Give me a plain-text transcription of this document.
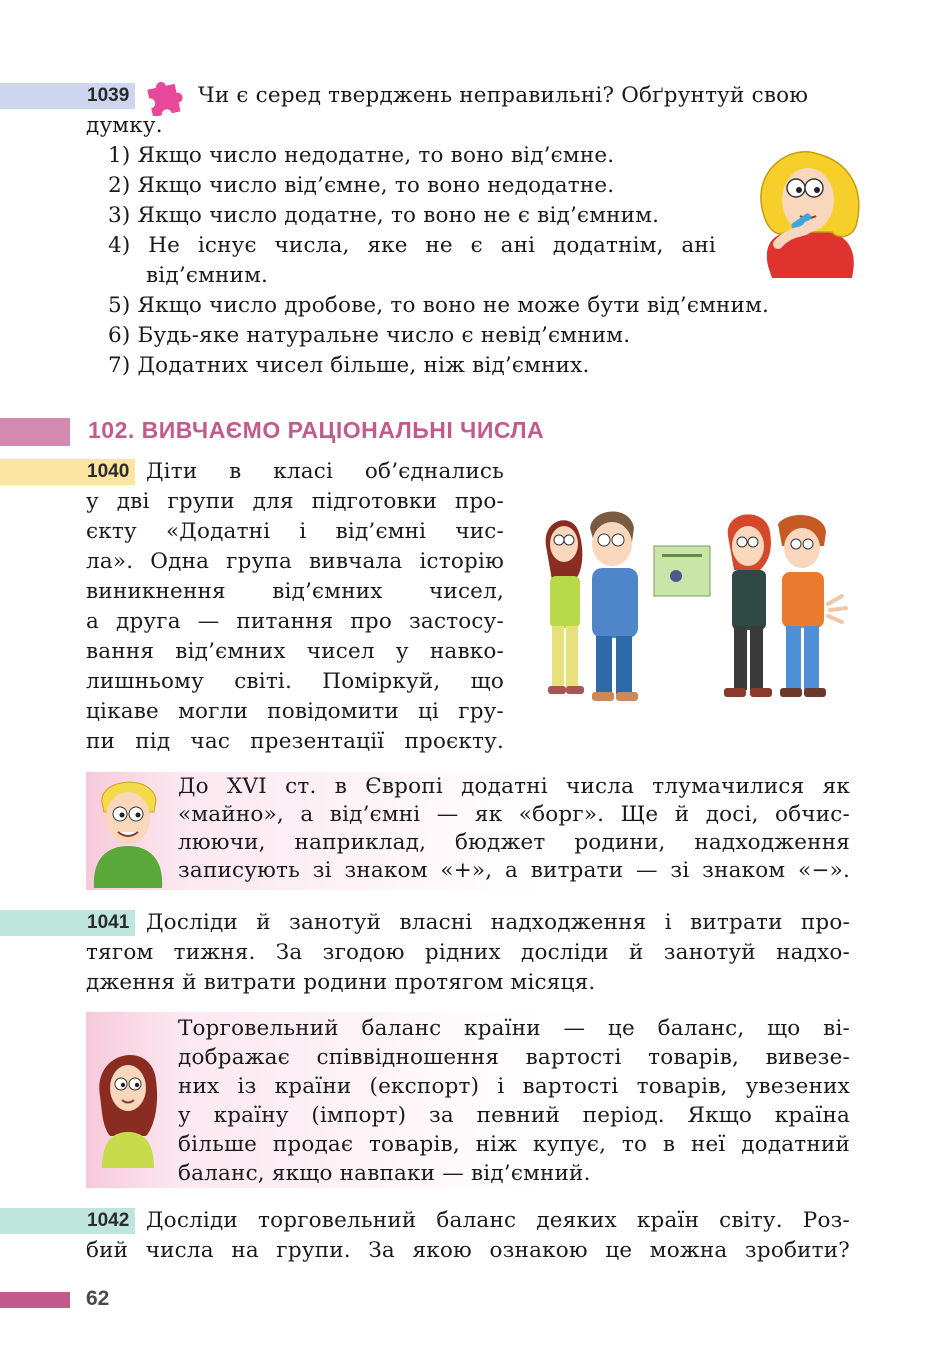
1039	Чи є серед тверджень неправильні? Обґрунтуй свою
думку.
1) Якщо число недодатне, то воно від’ємне.
2) Якщо число від’ємне, то воно недодатне.
3) Якщо число додатне, то воно не є від’ємним.
4) Не існує числа, яке не є ані додатнім, ані
від’ємним.
5) Якщо число дробове, то воно не може бути від’ємним.
6) Будь-яке натуральне число є невід’ємним.
7) Додатних чисел більше, ніж від’ємних.
102. ВИВЧАЄМО РАЦІОНАЛЬНІ ЧИСЛА
1040 Діти в класі об’єднались
у дві групи для підготовки про-
єкту «Додатні і від’ємні чис-
ла». Одна група вивчала історію
виникнення від’ємних чисел,
а друга — питання про застосу-
вання від’ємних чисел у навко-
лишньому світі. Поміркуй, що
цікаве могли повідомити ці гру-
пи під час презентації проєкту.
До XVI ст. в Європі додатні числа тлумачилися як
«майно», а від’ємні — як «борг». Ще й досі, обчис-
люючи, наприклад, бюджет родини, надходження
записують зі знаком «+», а витрати — зі знаком «−».
1041 Досліди й занотуй власні надходження і витрати про-
тягом тижня. За згодою рідних досліди й занотуй надхо-
дження й витрати родини протягом місяця.
Торговельний баланс країни — це баланс, що ві-
дображає співвідношення вартості товарів, вивезе-
них із країни (експорт) і вартості товарів, увезених
у країну (імпорт) за певний період. Якщо країна
більше продає товарів, ніж купує, то в неї додатний
баланс, якщо навпаки — від’ємний.
1042 Досліди торговельний баланс деяких країн світу. Роз-
бий числа на групи. За якою ознакою це можна зробити?
62
